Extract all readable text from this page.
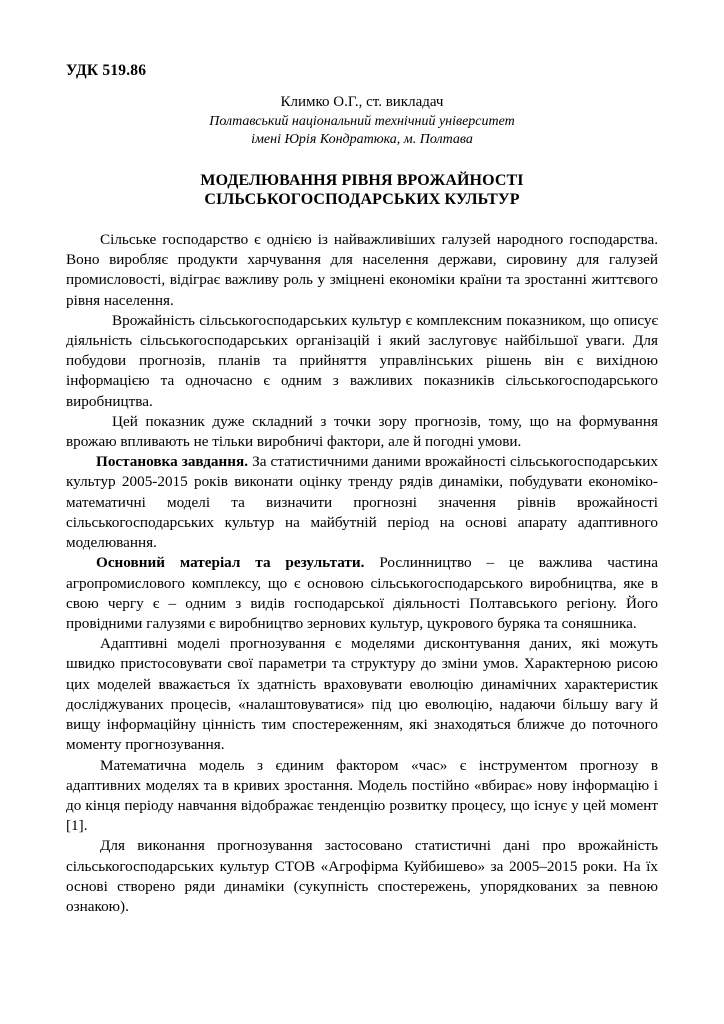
УДК 519.86
Климко О.Г., ст. викладач
Полтавський національний технічний університет
імені Юрія Кондратюка, м. Полтава
МОДЕЛЮВАННЯ РІВНЯ ВРОЖАЙНОСТІ
СІЛЬСЬКОГОСПОДАРСЬКИХ КУЛЬТУР

Сільське господарство є однією із найважливіших галузей народного господарства. Воно виробляє продукти харчування для населення держави, сировину для галузей промисловості, відіграє важливу роль у зміцнені економіки країни та зростанні життєвого рівня населення.

Врожайність сільськогосподарських культур є комплексним показником, що описує діяльність сільськогосподарських організацій і який заслуговує найбільшої уваги. Для побудови прогнозів, планів та прийняття управлінських рішень він є вихідною інформацією та одночасно є одним з важливих показників сільськогосподарського виробництва.

Цей показник дуже складний з точки зору прогнозів, тому, що на формування врожаю впливають не тільки виробничі фактори, але й погодні умови.

Постановка завдання. За статистичними даними врожайності сільськогосподарських культур 2005-2015 років виконати оцінку тренду рядів динаміки, побудувати економіко-математичні моделі та визначити прогнозні значення рівнів врожайності сільськогосподарських культур на майбутній період на основі апарату адаптивного моделювання.

Основний матеріал та результати. Рослинництво – це важлива частина агропромислового комплексу, що є основою сільськогосподарського виробництва, яке в свою чергу є – одним з видів господарської діяльності Полтавського регіону. Його провідними галузями є виробництво зернових культур, цукрового буряка та соняшника.

Адаптивні моделі прогнозування є моделями дисконтування даних, які можуть швидко пристосовувати свої параметри та структуру до зміни умов. Характерною рисою цих моделей вважається їх здатність враховувати еволюцію динамічних характеристик досліджуваних процесів, «налаштовуватися» під цю еволюцію, надаючи більшу вагу й вищу інформаційну цінність тим спостереженням, які знаходяться ближче до поточного моменту прогнозування.

Математична модель з єдиним фактором «час» є інструментом прогнозу в адаптивних моделях та в кривих зростання. Модель постійно «вбирає» нову інформацію і до кінця періоду навчання відображає тенденцію розвитку процесу, що існує у цей момент [1].

Для виконання прогнозування застосовано статистичні дані про врожайність сільськогосподарських культур СТОВ «Агрофірма Куйбишево» за 2005–2015 роки. На їх основі створено ряди динаміки (сукупність спостережень, упорядкованих за певною ознакою).
